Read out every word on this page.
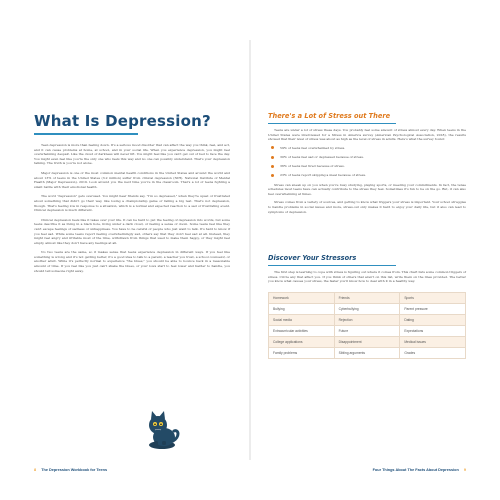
What Is Depression?

Teen depression is more than feeling down. It's a serious mood disorder that can affect the way you think, feel, and act, and it can cause problems at home, at school, and in your social life. When you experience depression, you might feel overwhelming despair. Like the cloud of darkness will never lift. You might feel like you can't get out of bed to face the day. You might even feel like you're the only one who feels this way and no one can possibly understand. That's your depression talking. The truth is you're not alone.

Major depression is one of the most common mental health conditions in the United States and around the world and about 13% of teens in the United States (3.2 million) suffer from clinical depression (NIH). National Institute of Mental Health (Major Depression), 2019. Look around you the next time you're in the classroom. That's a lot of teens fighting a silent battle with their emotional health.

The word "depression" gets overused. You might hear friends say, "I'm so depressed," when they're upset or frustrated about something that didn't go their way, like losing a championship game or failing a big test. That's not depression, though. That's feeling low in response to a situation, which is a normal and expected reaction to a sad or frustrating event. Clinical depression is much different.

Clinical depression feels like it takes over your life. It can be hard to put the feeling of depression into words, but some teens describe it as living in a black hole, living under a dark cloud, or feeling a sense of doom. Some teens feel like they can't escape feelings of sadness or unhappiness. You have to be careful of people who just want to talk. It's hard to know if you feel sad. While some teens report feeling overwhelmingly sad, others say that they don't feel sad at all. Instead, they might feel angry and irritable most of the time, withdrawn from things that used to make them happy, or they might feel empty, almost like they don't have any feelings at all.

No two teens are the same, so it makes sense that teens experience depression in different ways. If you feel like something is wrong and it's not getting better, it's a good idea to talk to a parent, a teacher you trust, a school counselor, or another adult. While it's perfectly normal to experience "the blues," you should be able to bounce back in a reasonable amount of time. If you feel like you just can't shake the blues, or your lows start to feel lower and harder to handle, you should tell someone right away.

8 The Depression Workbook for Teens
There's a Lot of Stress out There

Teens are under a lot of stress these days. You probably feel some amount of stress almost every day. When teens in the United States were interviewed for a Stress in America survey (American Psychological Association, 2018), the results showed that their level of stress was about as high as the level of stress in adults. Here's what the survey found:

59% of teens feel overwhelmed by stress.
30% of teens feel sad or depressed because of stress.
36% of teens feel tired because of stress.
23% of teens report skipping a meal because of stress.

Stress can sneak up on you when you're busy studying, playing sports, or meeting your commitments. In fact, the tense schedules most teens have can actually contribute to the stress they feel. Sometimes it's fun to be on the go. But, it can also feel overwhelming at times.

Stress comes from a variety of sources, and getting to know what triggers your stress is important. Your school struggles to handle problems in social issues and more, stress-out only makes it hard to enjoy your daily life, but it also can lead to symptoms of depression.

Discover Your Stressors

The first step is learning to cope with stress is figuring out where it comes from. This chart lists some common triggers of stress. Circle any that affect you. If you think of others that aren't on this list, write them on the lines provided. The better you know what causes your stress, the faster you'll know how to deal with it in a healthy way.

Homework	Friends	Sports
Bullying	Cyberbullying	Parent pressure
Social media	Rejection	Dating
Extracurricular activities	Future	Expectations
College applications	Disappointment	Medical issues
Family problems	Sibling arguments	Grades
Four Things About The Facts About Depression 9
